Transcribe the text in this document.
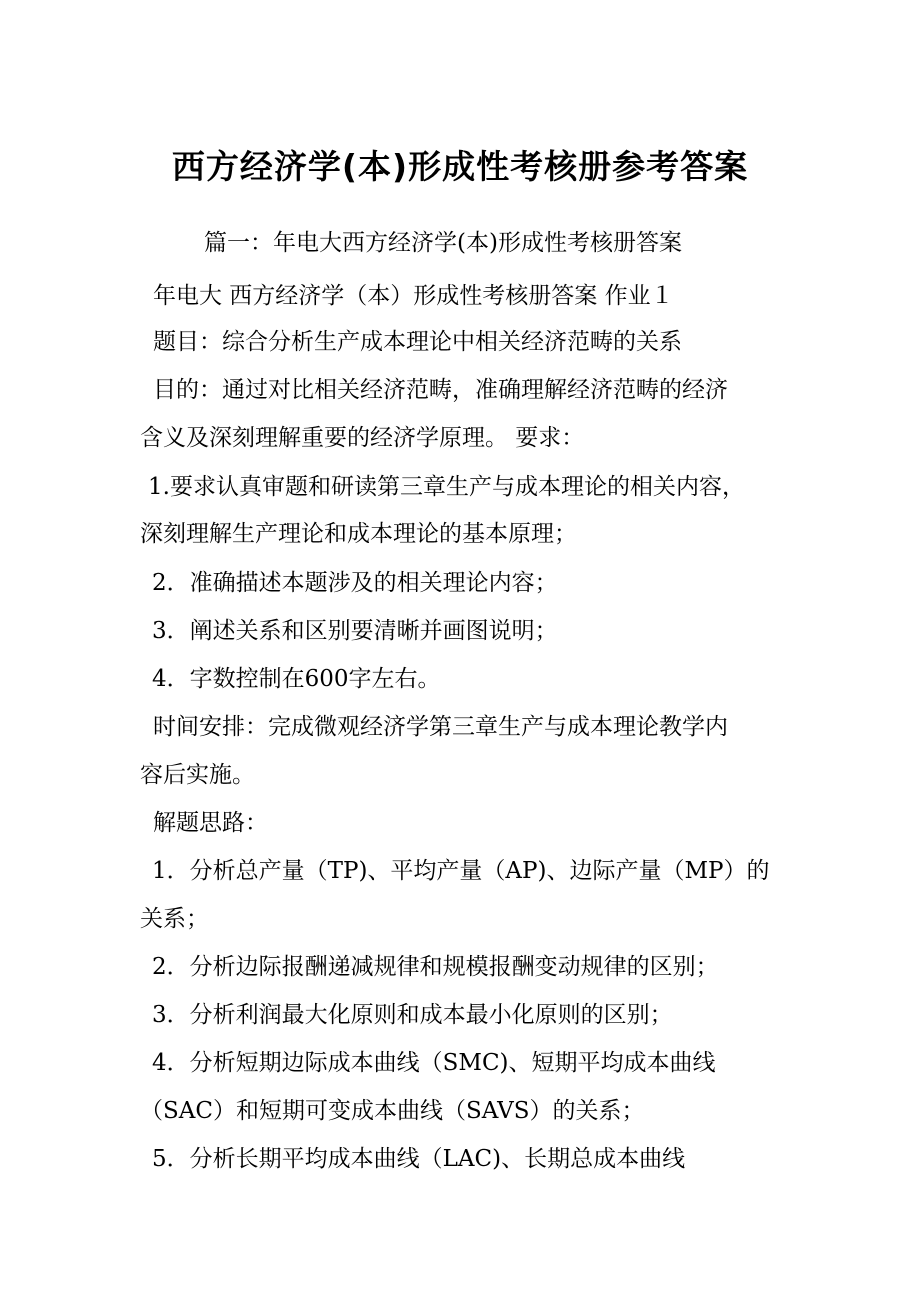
西方经济学(本)形成性考核册参考答案
篇一：年电大西方经济学(本)形成性考核册答案
年电大 西方经济学（本）形成性考核册答案 作业１
题目：综合分析生产成本理论中相关经济范畴的关系
目的：通过对比相关经济范畴，准确理解经济范畴的经济
含义及深刻理解重要的经济学原理。 要求：
1.要求认真审题和研读第三章生产与成本理论的相关内容，
深刻理解生产理论和成本理论的基本原理；
2．准确描述本题涉及的相关理论内容；
3．阐述关系和区别要清晰并画图说明；
4．字数控制在600字左右。
时间安排：完成微观经济学第三章生产与成本理论教学内
容后实施。
解题思路：
1．分析总产量（TP)、平均产量（AP)、边际产量（MP）的
关系；
2．分析边际报酬递减规律和规模报酬变动规律的区别；
3．分析利润最大化原则和成本最小化原则的区别；
4．分析短期边际成本曲线（SMC)、短期平均成本曲线
（SAC）和短期可变成本曲线（SAVS）的关系；
5．分析长期平均成本曲线（LAC)、长期总成本曲线
